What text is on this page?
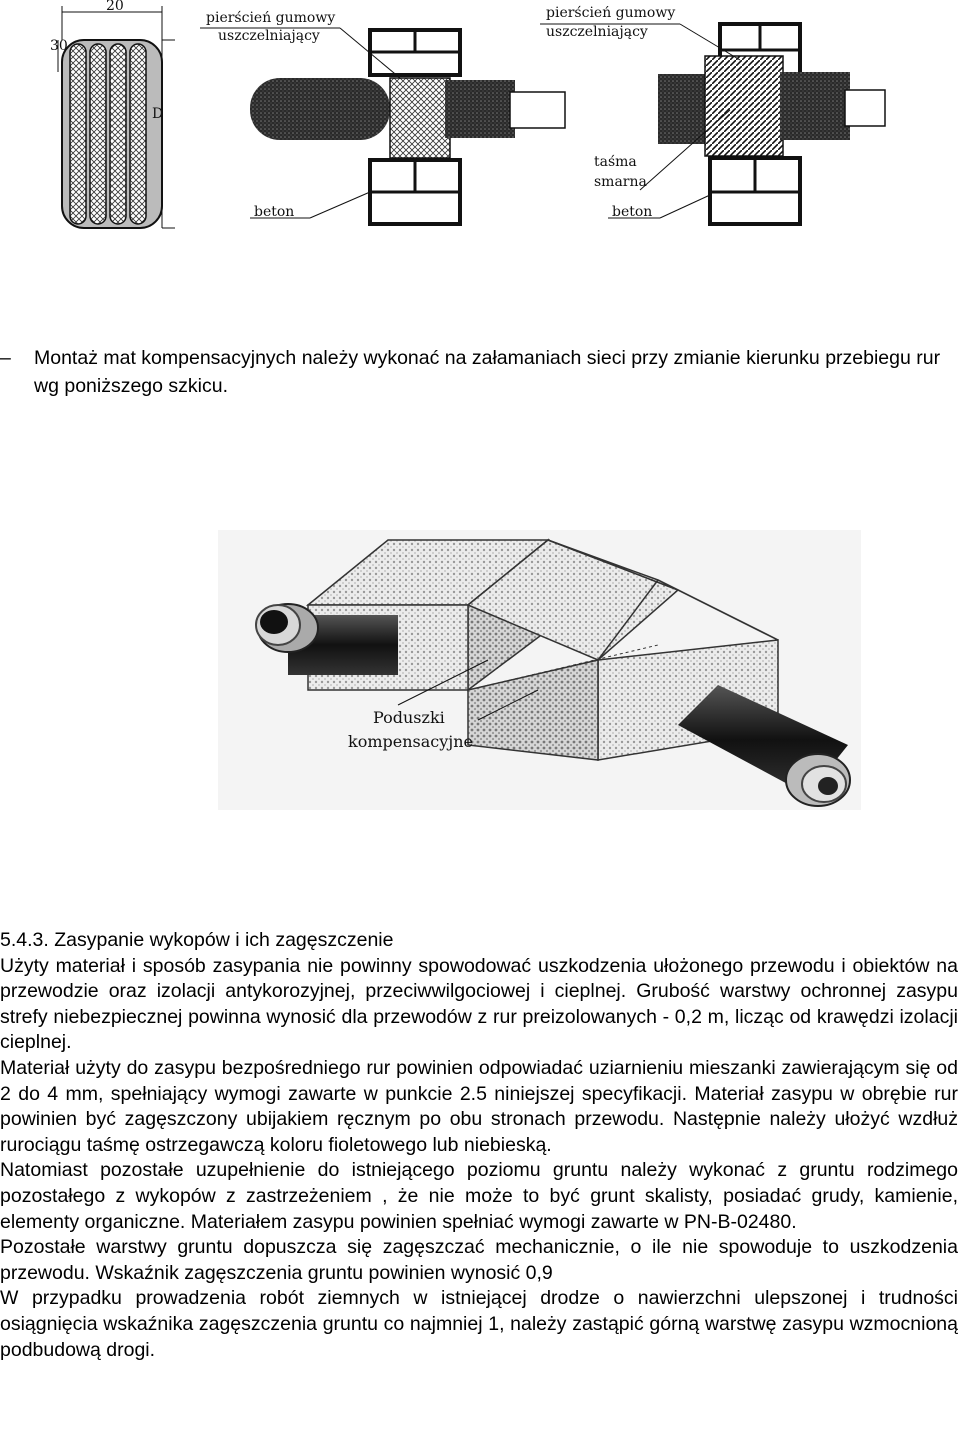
20
30
D
pierścień gumowy
uszczelniający
pierścień gumowy
uszczelniający
beton	beton
taśma
smarna
– Montaż mat kompensacyjnych należy wykonać na załamaniach sieci przy zmianie kierunku przebiegu rur wg poniższego szkicu.
Poduszki
kompensacyjne

5.4.3. Zasypanie wykopów i ich zagęszczenie

Użyty materiał i sposób zasypania nie powinny spowodować uszkodzenia ułożonego przewodu i obiektów na przewodzie oraz izolacji antykorozyjnej, przeciwwilgociowej i cieplnej. Grubość warstwy ochronnej zasypu strefy niebezpiecznej powinna wynosić dla przewodów z rur preizolowanych - 0,2 m, licząc od krawędzi izolacji cieplnej.

Materiał użyty do zasypu bezpośredniego rur powinien odpowiadać uziarnieniu mieszanki zawierającym się od 2 do 4 mm, spełniający wymogi zawarte w punkcie 2.5 niniejszej specyfikacji. Materiał zasypu w obrębie rur powinien być zagęszczony ubijakiem ręcznym po obu stronach przewodu. Następnie należy ułożyć wzdłuż rurociągu taśmę ostrzegawczą koloru fioletowego lub niebieską.

Natomiast pozostałe uzupełnienie do istniejącego poziomu gruntu należy wykonać z gruntu rodzimego pozostałego z wykopów z zastrzeżeniem , że nie może to być grunt skalisty, posiadać grudy, kamienie, elementy organiczne. Materiałem zasypu powinien spełniać wymogi zawarte w PN-B-02480.

Pozostałe warstwy gruntu dopuszcza się zagęszczać mechanicznie, o ile nie spowoduje to uszkodzenia przewodu. Wskaźnik zagęszczenia gruntu powinien wynosić 0,9

W przypadku prowadzenia robót ziemnych w istniejącej drodze o nawierzchni ulepszonej i trudności osiągnięcia wskaźnika zagęszczenia gruntu co najmniej 1, należy zastąpić górną warstwę zasypu wzmocnioną podbudową drogi.
